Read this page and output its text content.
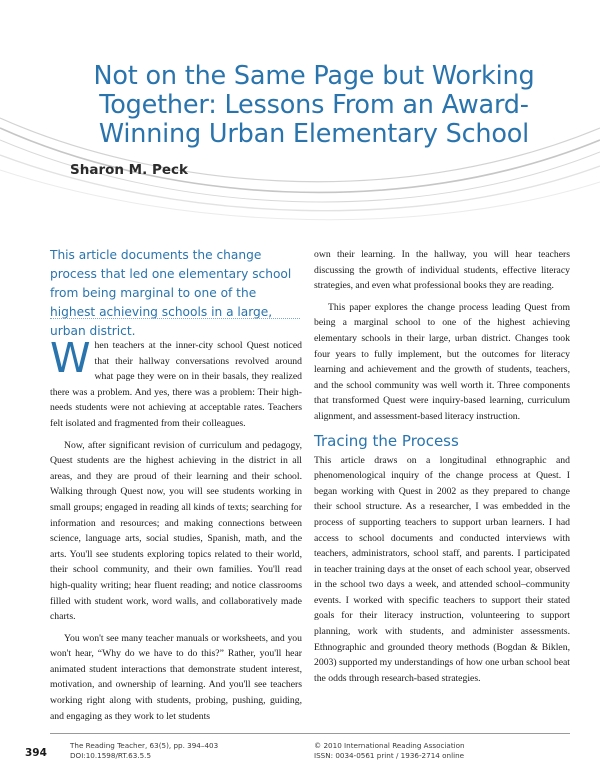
Not on the Same Page but Working Together: Lessons From an Award-Winning Urban Elementary School

Sharon M. Peck

This article documents the change process that led one elementary school from being marginal to one of the highest achieving schools in a large, urban district.

When teachers at the inner-city school Quest noticed that their hallway conversations revolved around what page they were on in their basals, they realized there was a problem. And yes, there was a problem: Their high-needs students were not achieving at acceptable rates. Teachers felt isolated and fragmented from their colleagues.

Now, after significant revision of curriculum and pedagogy, Quest students are the highest achieving in the district in all areas, and they are proud of their learning and their school. Walking through Quest now, you will see students working in small groups; engaged in reading all kinds of texts; searching for information and resources; and making connections between science, language arts, social studies, Spanish, math, and the arts. You'll see students exploring topics related to their world, their school community, and their own families. You'll read high-quality writing; hear fluent reading; and notice classrooms filled with student work, word walls, and collaboratively made charts.

You won't see many teacher manuals or worksheets, and you won't hear, “Why do we have to do this?” Rather, you'll hear animated student interactions that demonstrate student interest, motivation, and ownership of learning. And you'll see teachers working right along with students, probing, pushing, guiding, and engaging as they work to let students

own their learning. In the hallway, you will hear teachers discussing the growth of individual students, effective literacy strategies, and even what professional books they are reading.

This paper explores the change process leading Quest from being a marginal school to one of the highest achieving elementary schools in their large, urban district. Changes took four years to fully implement, but the outcomes for literacy learning and achievement and the growth of students, teachers, and the school community was well worth it. Three components that transformed Quest were inquiry-based learning, curriculum alignment, and assessment-based literacy instruction.

Tracing the Process

This article draws on a longitudinal ethnographic and phenomenological inquiry of the change process at Quest. I began working with Quest in 2002 as they prepared to change their school structure. As a researcher, I was embedded in the process of supporting teachers to support urban learners. I had access to school documents and conducted interviews with teachers, administrators, school staff, and parents. I participated in teacher training days at the onset of each school year, observed in the school two days a week, and attended school–community events. I worked with specific teachers to support their stated goals for their literacy instruction, volunteering to support planning, work with students, and administer assessments. Ethnographic and grounded theory methods (Bogdan & Biklen, 2003) supported my understandings of how one urban school beat the odds through research-based strategies.

394
The Reading Teacher, 63(5), pp. 394–403
DOI:10.1598/RT.63.5.5
© 2010 International Reading Association
ISSN: 0034-0561 print / 1936-2714 online
